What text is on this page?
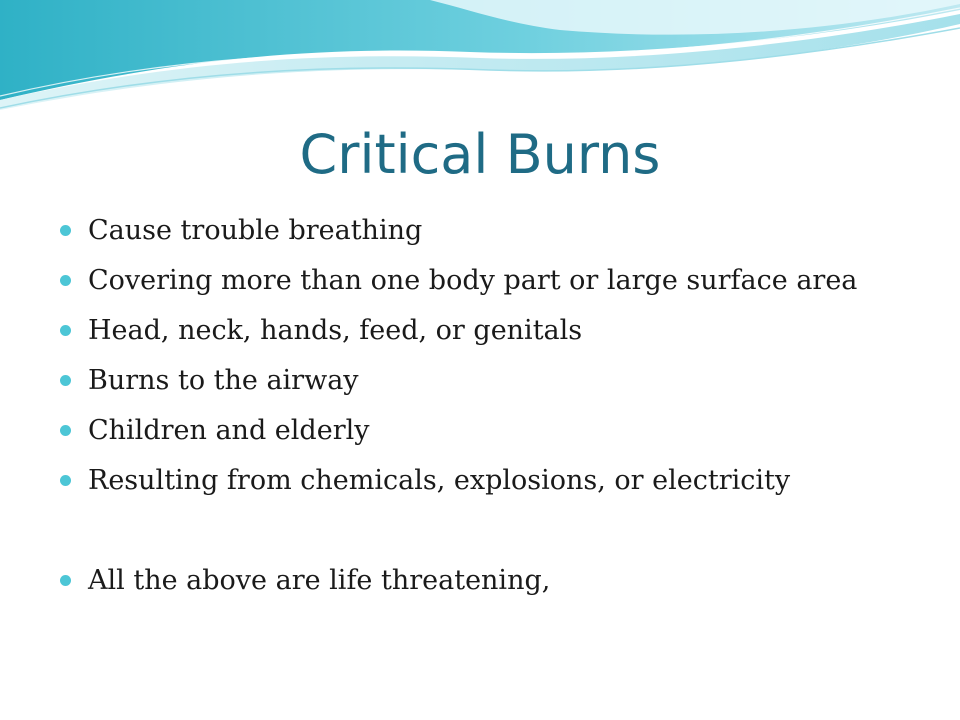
Critical Burns
Cause trouble breathing
Covering more than one body part or large surface area
Head, neck, hands, feed, or genitals
Burns to the airway
Children and elderly
Resulting from chemicals, explosions, or electricity
All the above are life threatening,
